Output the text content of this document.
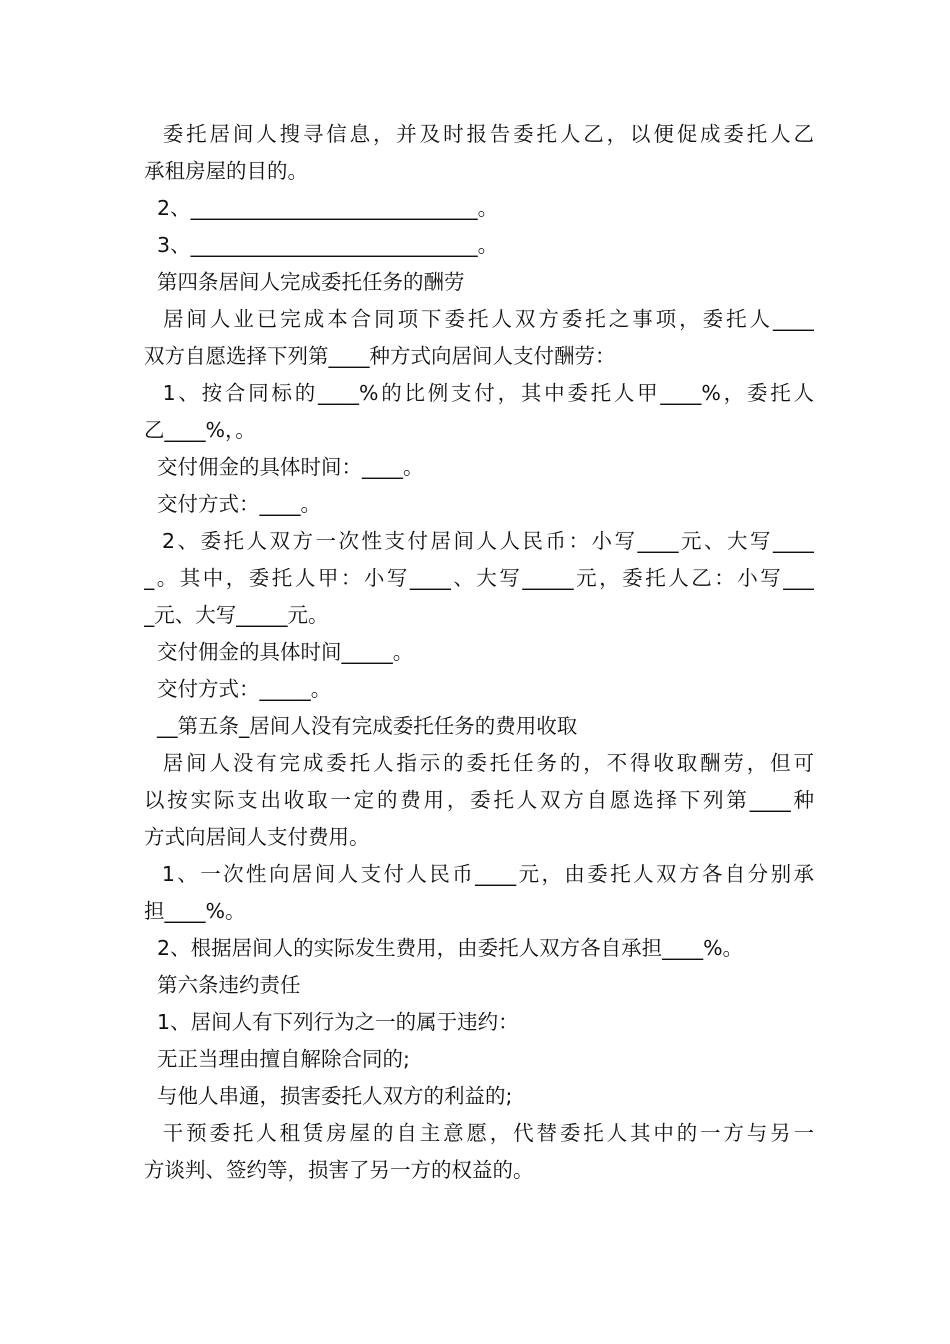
委托居间人搜寻信息，并及时报告委托人乙，以便促成委托人乙
承租房屋的目的。
2、____________________________。
3、____________________________。
第四条居间人完成委托任务的酬劳
居间人业已完成本合同项下委托人双方委托之事项，委托人____
双方自愿选择下列第____种方式向居间人支付酬劳：
1、按合同标的____%的比例支付，其中委托人甲____%，委托人
乙____%，。
交付佣金的具体时间：____。
交付方式：____。
2、委托人双方一次性支付居间人人民币：小写____元、大写____
_。其中，委托人甲：小写____、大写_____元，委托人乙：小写___
_元、大写_____元。
交付佣金的具体时间_____。
交付方式：_____。
__第五条_居间人没有完成委托任务的费用收取
居间人没有完成委托人指示的委托任务的，不得收取酬劳，但可
以按实际支出收取一定的费用，委托人双方自愿选择下列第____种
方式向居间人支付费用。
1、一次性向居间人支付人民币____元，由委托人双方各自分别承
担____%。
2、根据居间人的实际发生费用，由委托人双方各自承担____%。
第六条违约责任
1、居间人有下列行为之一的属于违约：
无正当理由擅自解除合同的;
与他人串通，损害委托人双方的利益的;
干预委托人租赁房屋的自主意愿，代替委托人其中的一方与另一
方谈判、签约等，损害了另一方的权益的。
